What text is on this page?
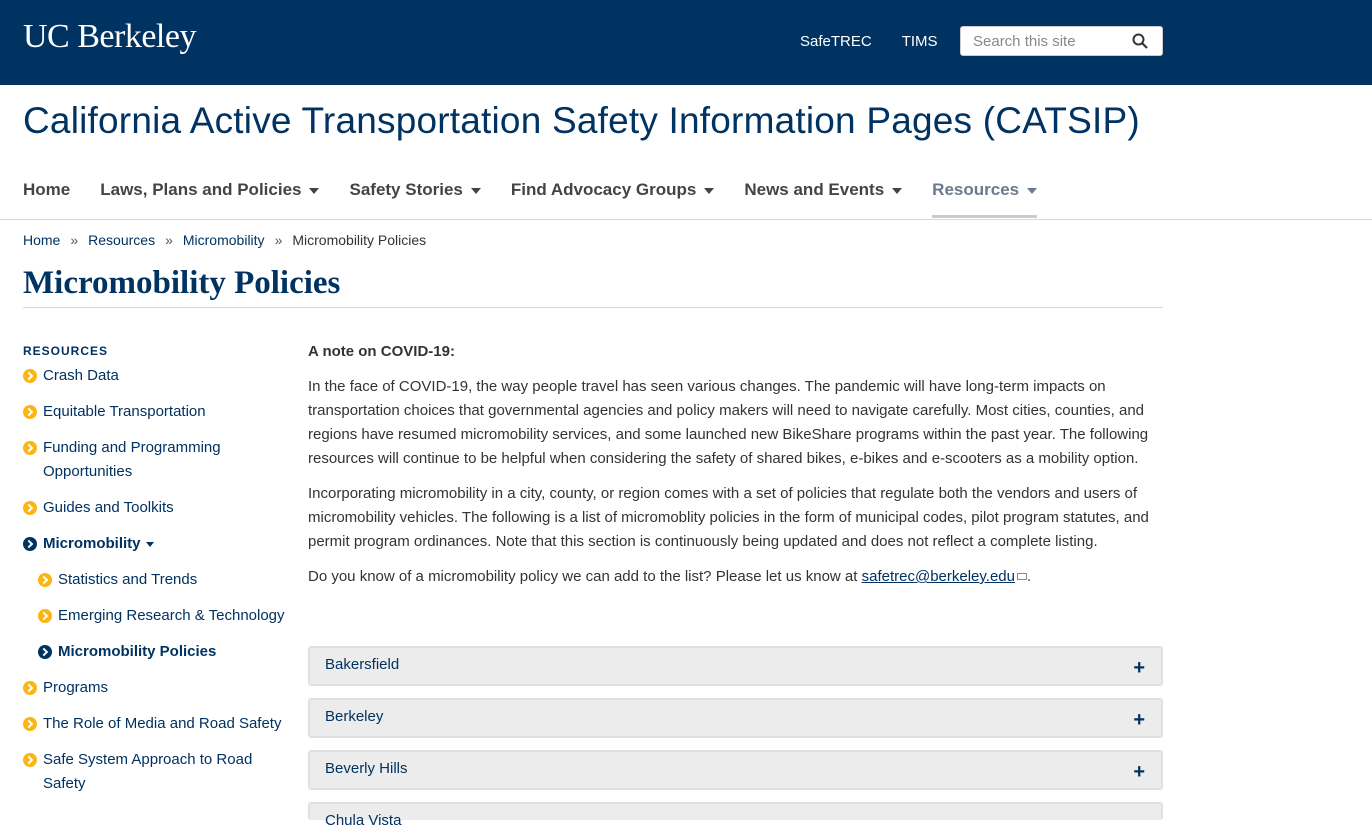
UC Berkeley	SafeTREC TIMS
Search this site
California Active Transportation Safety Information Pages (CATSIP)
Home Laws, Plans and Policies	Safety Stories	Find Advocacy Groups	News and Events	Resources
Home » Resources » Micromobility » Micromobility Policies
Micromobility Policies
RESOURCES
Crash Data
Equitable Transportation
Funding and Programming Opportunities
Guides and Toolkits
Micromobility
Statistics and Trends
Emerging Research & Technology
Micromobility Policies
Programs
The Role of Media and Road Safety
Safe System Approach to Road Safety

A note on COVID-19:

In the face of COVID-19, the way people travel has seen various changes. The pandemic will have long-term impacts on transportation choices that governmental agencies and policy makers will need to navigate carefully. Most cities, counties, and regions have resumed micromobility services, and some launched new BikeShare programs within the past year. The following resources will continue to be helpful when considering the safety of shared bikes, e-bikes and e-scooters as a mobility option.

Incorporating micromobility in a city, county, or region comes with a set of policies that regulate both the vendors and users of micromobility vehicles. The following is a list of micromoblity policies in the form of municipal codes, pilot program statutes, and permit program ordinances. Note that this section is continuously being updated and does not reflect a complete listing.

Do you know of a micromobility policy we can add to the list? Please let us know at safetrec@berkeley.edu .

Bakersfield	+
Berkeley	+
Beverly Hills	+
Chula Vista
